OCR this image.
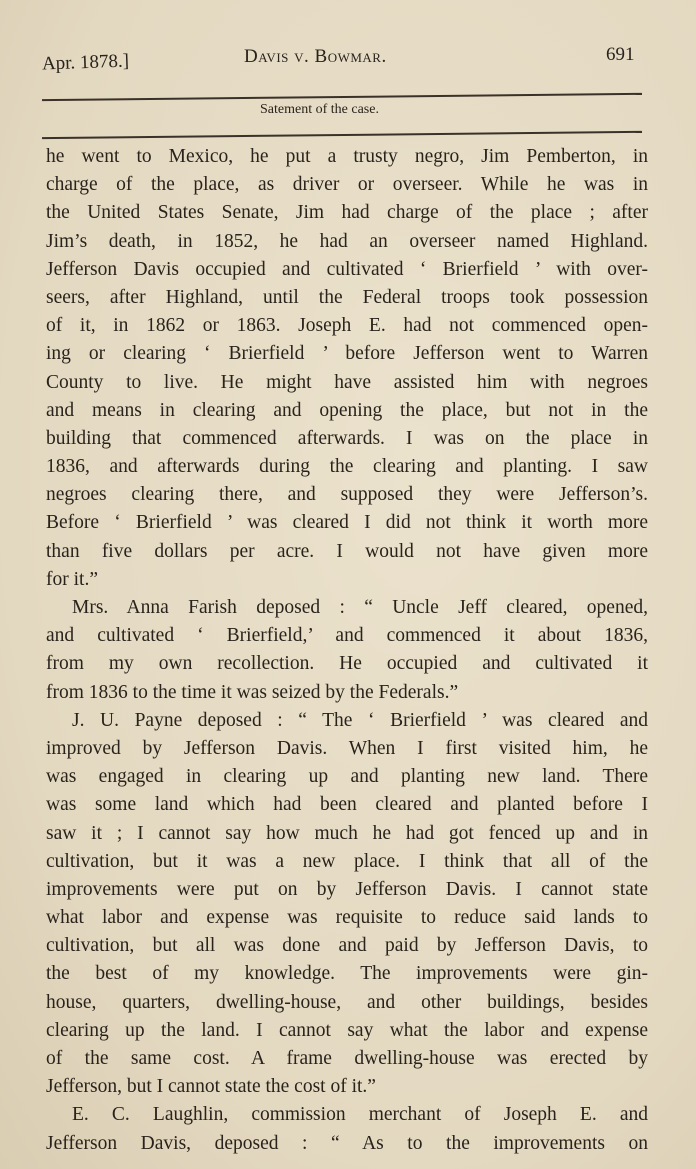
Apr. 1878.]	Davis v. Bowmar.	691
Satement of the case.
he went to Mexico, he put a trusty negro, Jim Pemberton, in
charge of the place, as driver or overseer. While he was in
the United States Senate, Jim had charge of the place ; after
Jim’s death, in 1852, he had an overseer named Highland.
Jefferson Davis occupied and cultivated ‘ Brierfield ’ with over-
seers, after Highland, until the Federal troops took possession
of it, in 1862 or 1863. Joseph E. had not commenced open-
ing or clearing ‘ Brierfield ’ before Jefferson went to Warren
County to live. He might have assisted him with negroes
and means in clearing and opening the place, but not in the
building that commenced afterwards. I was on the place in
1836, and afterwards during the clearing and planting. I saw
negroes clearing there, and supposed they were Jefferson’s.
Before ‘ Brierfield ’ was cleared I did not think it worth more
than five dollars per acre. I would not have given more
for it.”
Mrs. Anna Farish deposed : “ Uncle Jeff cleared, opened,
and cultivated ‘ Brierfield,’ and commenced it about 1836,
from my own recollection. He occupied and cultivated it
from 1836 to the time it was seized by the Federals.”
J. U. Payne deposed : “ The ‘ Brierfield ’ was cleared and
improved by Jefferson Davis. When I first visited him, he
was engaged in clearing up and planting new land. There
was some land which had been cleared and planted before I
saw it ; I cannot say how much he had got fenced up and in
cultivation, but it was a new place. I think that all of the
improvements were put on by Jefferson Davis. I cannot state
what labor and expense was requisite to reduce said lands to
cultivation, but all was done and paid by Jefferson Davis, to
the best of my knowledge. The improvements were gin-
house, quarters, dwelling-house, and other buildings, besides
clearing up the land. I cannot say what the labor and expense
of the same cost. A frame dwelling-house was erected by
Jefferson, but I cannot state the cost of it.”
E. C. Laughlin, commission merchant of Joseph E. and
Jefferson Davis, deposed : “ As to the improvements on
